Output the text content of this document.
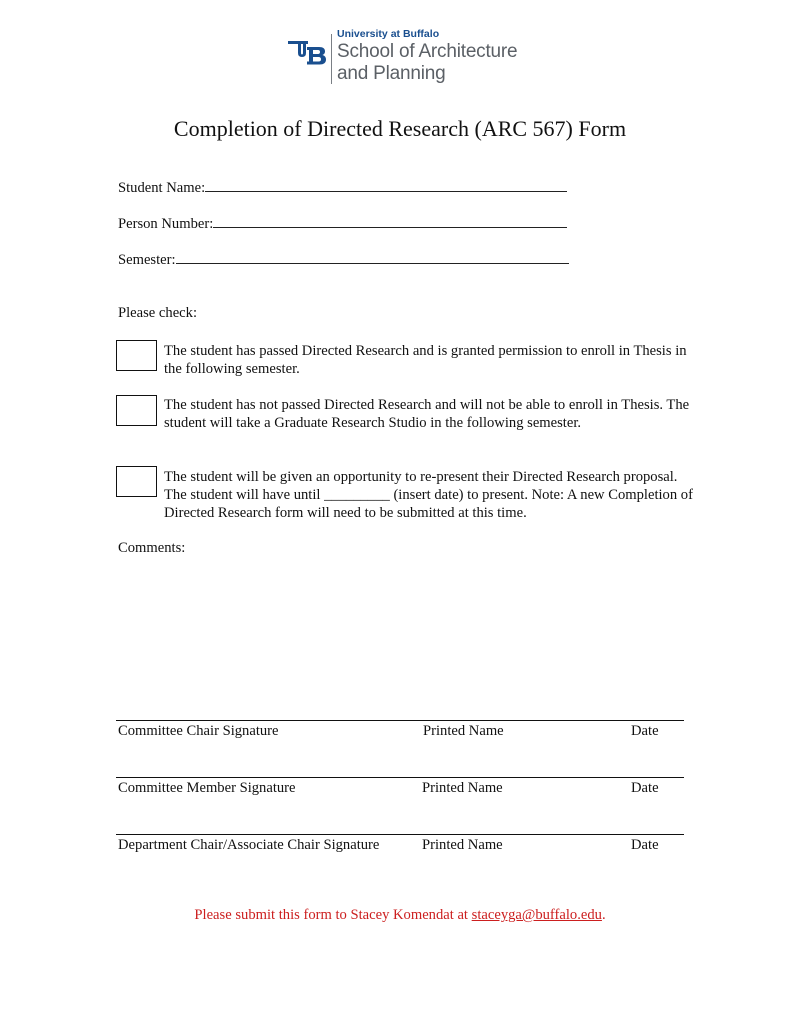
University at Buffalo
School of Architecture
and Planning
Completion of Directed Research (ARC 567) Form
Student Name:
Person Number:
Semester:
Please check:
The student has passed Directed Research and is granted permission to enroll in Thesis in the following semester.
The student has not passed Directed Research and will not be able to enroll in Thesis. The student will take a Graduate Research Studio in the following semester.
The student will be given an opportunity to re-present their Directed Research proposal. The student will have until _________ (insert date) to present. Note: A new Completion of Directed Research form will need to be submitted at this time.
Comments:
Committee Chair Signature	Printed Name	Date
Committee Member Signature	Printed Name	Date
Department Chair/Associate Chair Signature	Printed Name	Date
Please submit this form to Stacey Komendat at staceyga@buffalo.edu.
